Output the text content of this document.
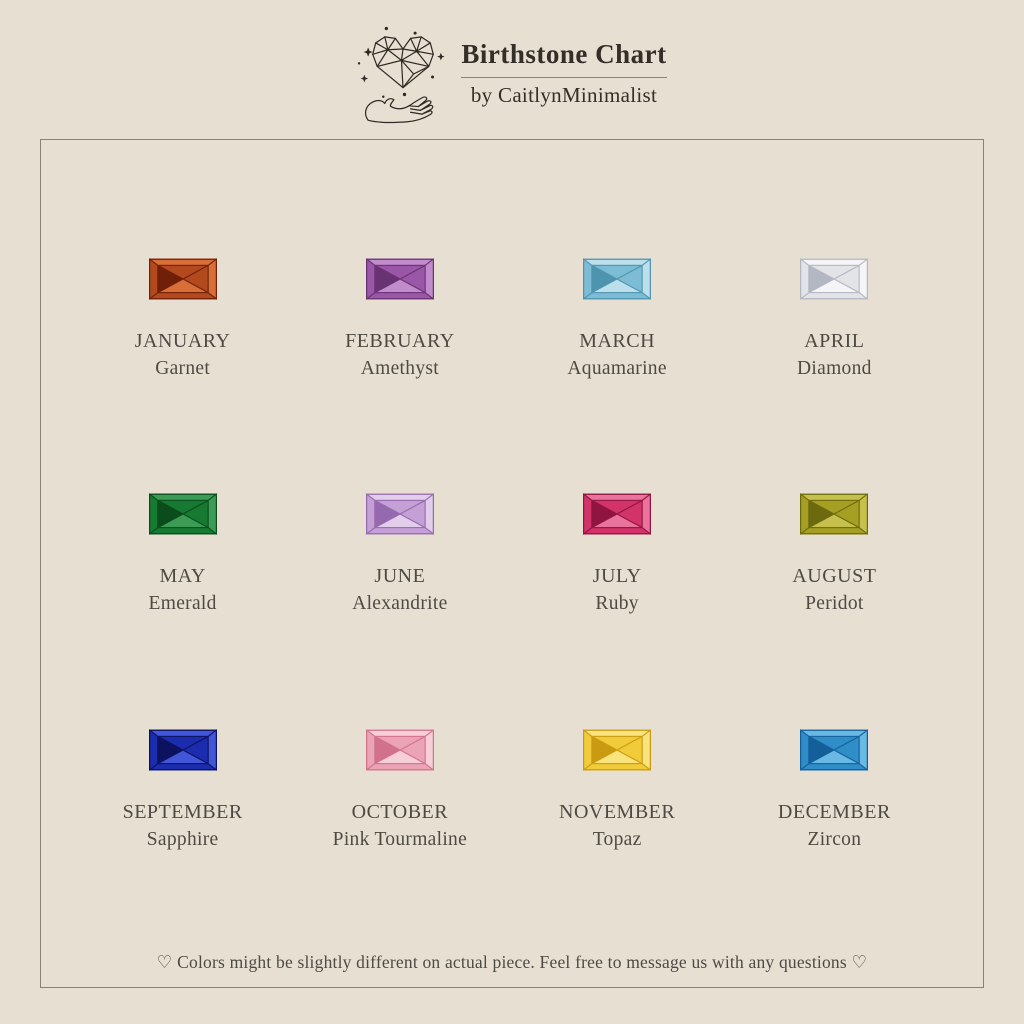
Birthstone Chart
by CaitlynMinimalist
JANUARY
Garnet
FEBRUARY
Amethyst
MARCH
Aquamarine
APRIL
Diamond
MAY
Emerald
JUNE
Alexandrite
JULY
Ruby
AUGUST
Peridot
SEPTEMBER
Sapphire
OCTOBER
Pink Tourmaline
NOVEMBER
Topaz
DECEMBER
Zircon
♡ Colors might be slightly different on actual piece. Feel free to message us with any questions ♡
